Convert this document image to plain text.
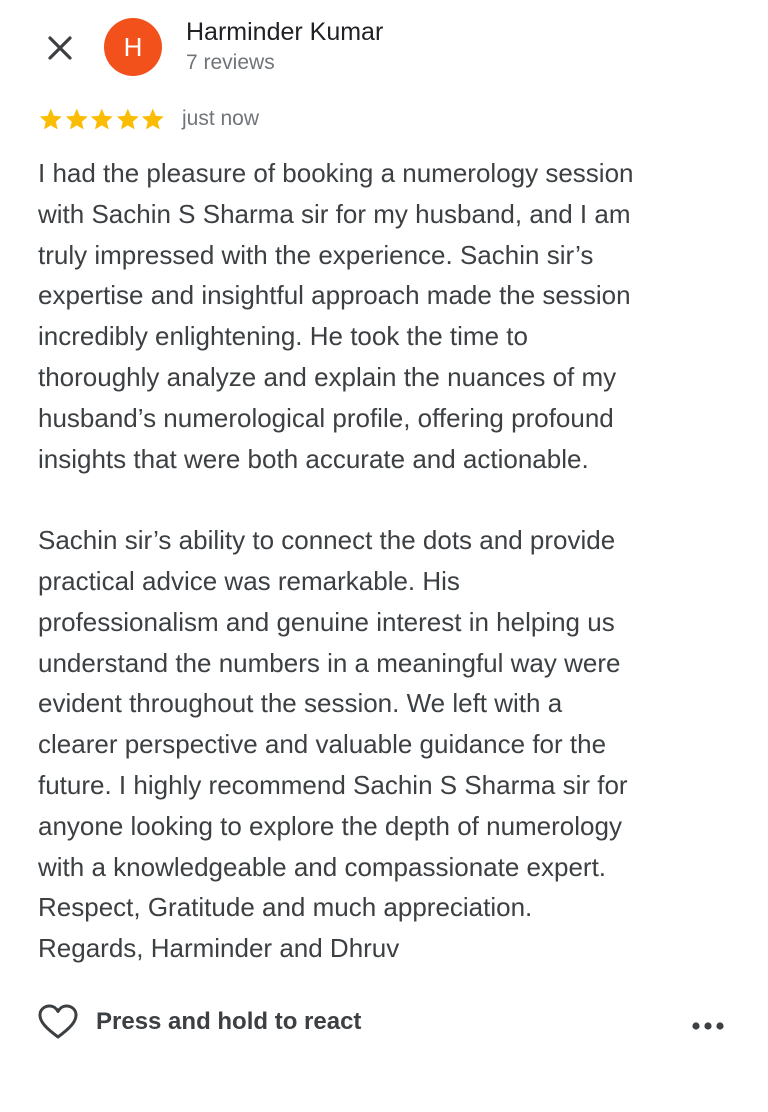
H	Harminder Kumar
7 reviews
just now

I had the pleasure of booking a numerology session
with Sachin S Sharma sir for my husband, and I am
truly impressed with the experience. Sachin sir’s
expertise and insightful approach made the session
incredibly enlightening. He took the time to
thoroughly analyze and explain the nuances of my
husband’s numerological profile, offering profound
insights that were both accurate and actionable.

Sachin sir’s ability to connect the dots and provide
practical advice was remarkable. His
professionalism and genuine interest in helping us
understand the numbers in a meaningful way were
evident throughout the session. We left with a
clearer perspective and valuable guidance for the
future. I highly recommend Sachin S Sharma sir for
anyone looking to explore the depth of numerology
with a knowledgeable and compassionate expert.
Respect, Gratitude and much appreciation.
Regards, Harminder and Dhruv

Press and hold to react
